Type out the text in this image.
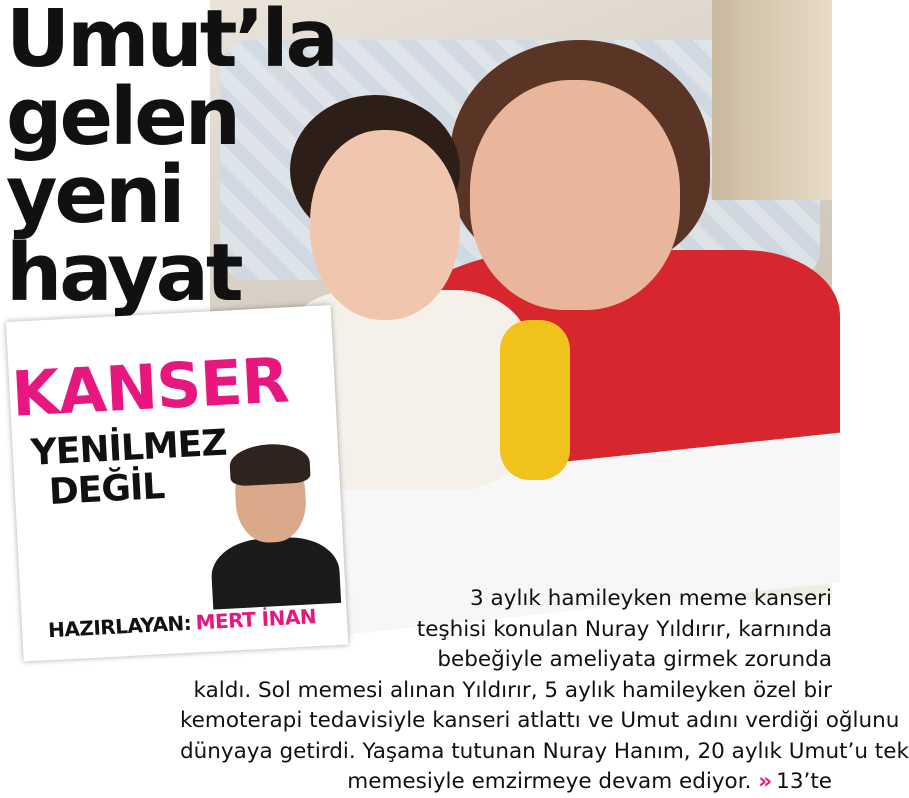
Umut’la
gelen
yeni
hayat
KANSER
YENİLMEZ
DEĞİL
HAZIRLAYAN: MERT İNAN
3 aylık hamileyken meme kanseri
teşhisi konulan Nuray Yıldırır, karnında
bebeğiyle ameliyata girmek zorunda
kaldı. Sol memesi alınan Yıldırır, 5 aylık hamileyken özel bir
kemoterapi tedavisiyle kanseri atlattı ve Umut adını verdiği oğlunu
dünyaya getirdi. Yaşama tutunan Nuray Hanım, 20 aylık Umut’u tek
memesiyle emzirmeye devam ediyor. » 13’te
